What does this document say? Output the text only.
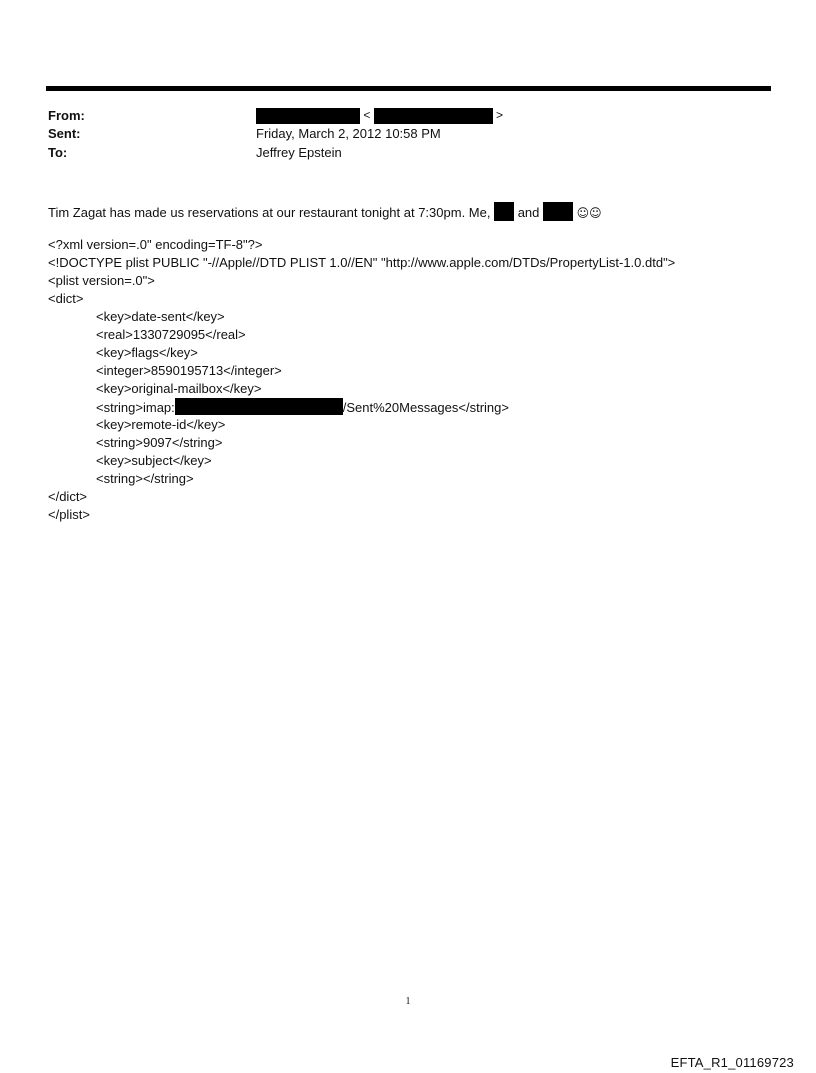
From:	<	>
Sent:	Friday, March 2, 2012 10:58 PM
To:	Jeffrey Epstein
Tim Zagat has made us reservations at our restaurant tonight at 7:30pm. Me,  and	☺☺
<?xml version=.0" encoding=TF-8"?>
<!DOCTYPE plist PUBLIC "-//Apple//DTD PLIST 1.0//EN" "http://www.apple.com/DTDs/PropertyList-1.0.dtd">
<plist version=.0">
<dict>
<key>date-sent</key>
<real>1330729095</real>
<key>flags</key>
<integer>8590195713</integer>
<key>original-mailbox</key>
<string>imap:	/Sent%20Messages</string>
<key>remote-id</key>
<string>9097</string>
<key>subject</key>
<string></string>
</dict>
</plist>
1
EFTA_R1_01169723
